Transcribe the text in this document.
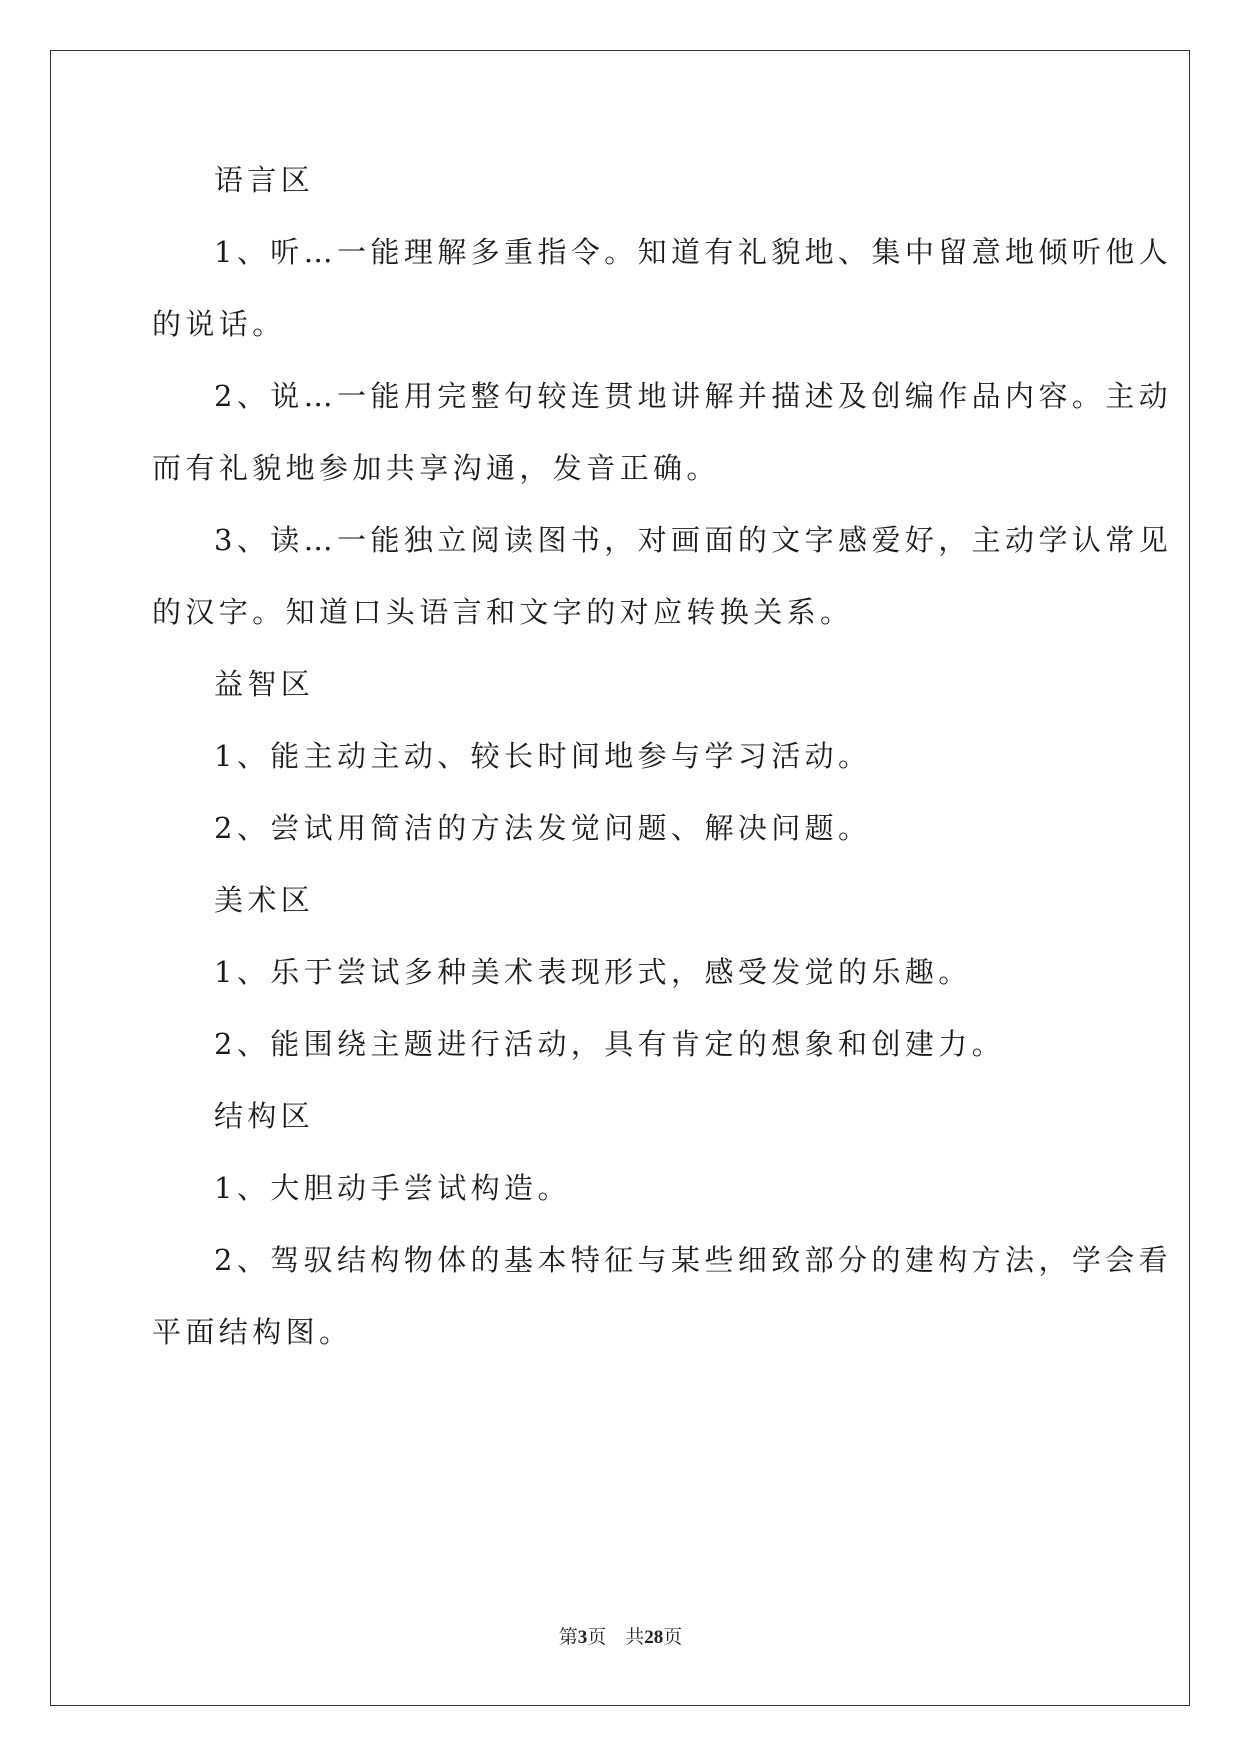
语言区
1、听…一能理解多重指令。知道有礼貌地、集中留意地倾听他人
的说话。
2、说…一能用完整句较连贯地讲解并描述及创编作品内容。主动
而有礼貌地参加共享沟通，发音正确。
3、读…一能独立阅读图书，对画面的文字感爱好，主动学认常见
的汉字。知道口头语言和文字的对应转换关系。
益智区
1、能主动主动、较长时间地参与学习活动。
2、尝试用简洁的方法发觉问题、解决问题。
美术区
1、乐于尝试多种美术表现形式，感受发觉的乐趣。
2、能围绕主题进行活动，具有肯定的想象和创建力。
结构区
1、大胆动手尝试构造。
2、驾驭结构物体的基本特征与某些细致部分的建构方法，学会看
平面结构图。
第3页 共28页
